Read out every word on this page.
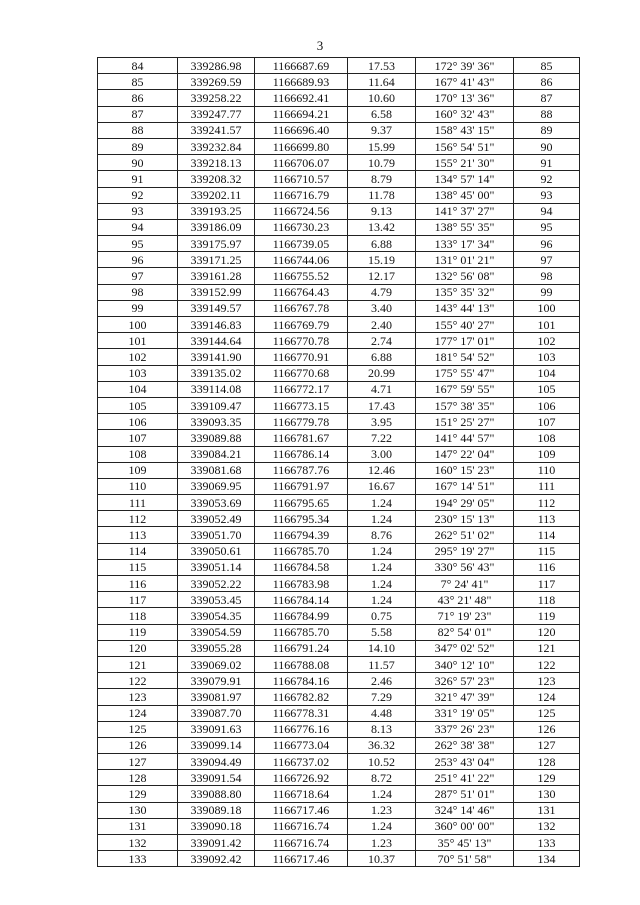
3
84	339286.98	1166687.69	17.53	172° 39' 36"	85
85	339269.59	1166689.93	11.64	167° 41' 43"	86
86	339258.22	1166692.41	10.60	170° 13' 36"	87
87	339247.77	1166694.21	6.58	160° 32' 43"	88
88	339241.57	1166696.40	9.37	158° 43' 15"	89
89	339232.84	1166699.80	15.99	156° 54' 51"	90
90	339218.13	1166706.07	10.79	155° 21' 30"	91
91	339208.32	1166710.57	8.79	134° 57' 14"	92
92	339202.11	1166716.79	11.78	138° 45' 00"	93
93	339193.25	1166724.56	9.13	141° 37' 27"	94
94	339186.09	1166730.23	13.42	138° 55' 35"	95
95	339175.97	1166739.05	6.88	133° 17' 34"	96
96	339171.25	1166744.06	15.19	131° 01' 21"	97
97	339161.28	1166755.52	12.17	132° 56' 08"	98
98	339152.99	1166764.43	4.79	135° 35' 32"	99
99	339149.57	1166767.78	3.40	143° 44' 13"	100
100	339146.83	1166769.79	2.40	155° 40' 27"	101
101	339144.64	1166770.78	2.74	177° 17' 01"	102
102	339141.90	1166770.91	6.88	181° 54' 52"	103
103	339135.02	1166770.68	20.99	175° 55' 47"	104
104	339114.08	1166772.17	4.71	167° 59' 55"	105
105	339109.47	1166773.15	17.43	157° 38' 35"	106
106	339093.35	1166779.78	3.95	151° 25' 27"	107
107	339089.88	1166781.67	7.22	141° 44' 57"	108
108	339084.21	1166786.14	3.00	147° 22' 04"	109
109	339081.68	1166787.76	12.46	160° 15' 23"	110
110	339069.95	1166791.97	16.67	167° 14' 51"	111
111	339053.69	1166795.65	1.24	194° 29' 05"	112
112	339052.49	1166795.34	1.24	230° 15' 13"	113
113	339051.70	1166794.39	8.76	262° 51' 02"	114
114	339050.61	1166785.70	1.24	295° 19' 27"	115
115	339051.14	1166784.58	1.24	330° 56' 43"	116
116	339052.22	1166783.98	1.24	7° 24' 41"	117
117	339053.45	1166784.14	1.24	43° 21' 48"	118
118	339054.35	1166784.99	0.75	71° 19' 23"	119
119	339054.59	1166785.70	5.58	82° 54' 01"	120
120	339055.28	1166791.24	14.10	347° 02' 52"	121
121	339069.02	1166788.08	11.57	340° 12' 10"	122
122	339079.91	1166784.16	2.46	326° 57' 23"	123
123	339081.97	1166782.82	7.29	321° 47' 39"	124
124	339087.70	1166778.31	4.48	331° 19' 05"	125
125	339091.63	1166776.16	8.13	337° 26' 23"	126
126	339099.14	1166773.04	36.32	262° 38' 38"	127
127	339094.49	1166737.02	10.52	253° 43' 04"	128
128	339091.54	1166726.92	8.72	251° 41' 22"	129
129	339088.80	1166718.64	1.24	287° 51' 01"	130
130	339089.18	1166717.46	1.23	324° 14' 46"	131
131	339090.18	1166716.74	1.24	360° 00' 00"	132
132	339091.42	1166716.74	1.23	35° 45' 13"	133
133	339092.42	1166717.46	10.37	70° 51' 58"	134
